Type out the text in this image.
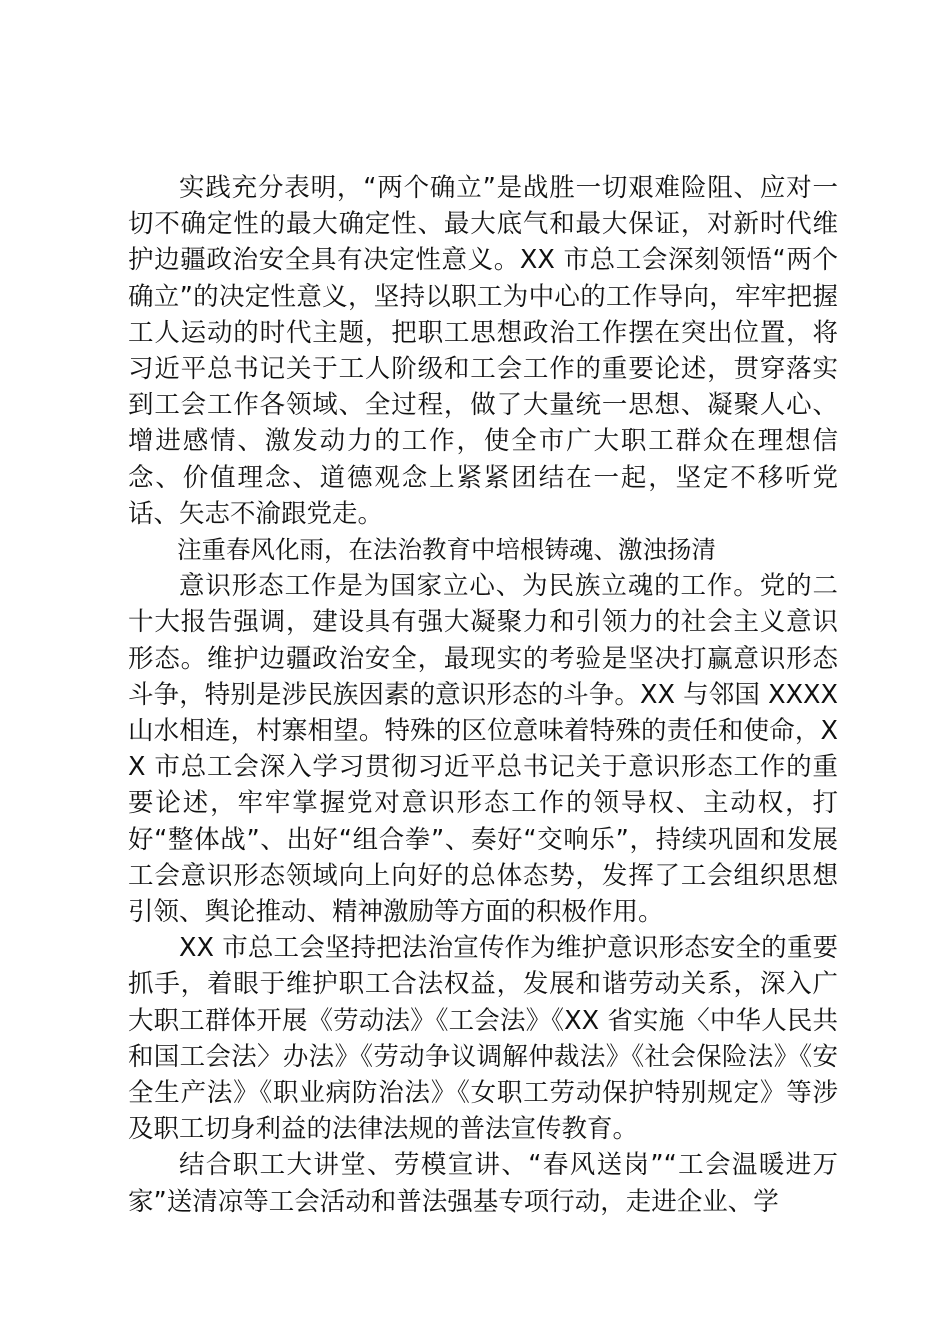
实践充分表明，“两个确立”是战胜一切艰难险阻、应对一切不确定性的最大确定性、最大底气和最大保证，对新时代维护边疆政治安全具有决定性意义。XX 市总工会深刻领悟“两个确立”的决定性意义，坚持以职工为中心的工作导向，牢牢把握工人运动的时代主题，把职工思想政治工作摆在突出位置，将习近平总书记关于工人阶级和工会工作的重要论述，贯穿落实到工会工作各领域、全过程，做了大量统一思想、凝聚人心、增进感情、激发动力的工作，使全市广大职工群众在理想信念、价值理念、道德观念上紧紧团结在一起，坚定不移听党话、矢志不渝跟党走。

注重春风化雨，在法治教育中培根铸魂、激浊扬清

意识形态工作是为国家立心、为民族立魂的工作。党的二十大报告强调，建设具有强大凝聚力和引领力的社会主义意识形态。维护边疆政治安全，最现实的考验是坚决打赢意识形态斗争，特别是涉民族因素的意识形态的斗争。XX 与邻国 XXXX 山水相连，村寨相望。特殊的区位意味着特殊的责任和使命，XX 市总工会深入学习贯彻习近平总书记关于意识形态工作的重要论述，牢牢掌握党对意识形态工作的领导权、主动权，打好“整体战”、出好“组合拳”、奏好“交响乐”，持续巩固和发展工会意识形态领域向上向好的总体态势，发挥了工会组织思想引领、舆论推动、精神激励等方面的积极作用。

XX 市总工会坚持把法治宣传作为维护意识形态安全的重要抓手，着眼于维护职工合法权益，发展和谐劳动关系，深入广大职工群体开展《劳动法》《工会法》《XX 省实施〈中华人民共和国工会法〉办法》《劳动争议调解仲裁法》《社会保险法》《安全生产法》《职业病防治法》《女职工劳动保护特别规定》等涉及职工切身利益的法律法规的普法宣传教育。

结合职工大讲堂、劳模宣讲、“春风送岗”“工会温暖进万家”送清凉等工会活动和普法强基专项行动，走进企业、学
